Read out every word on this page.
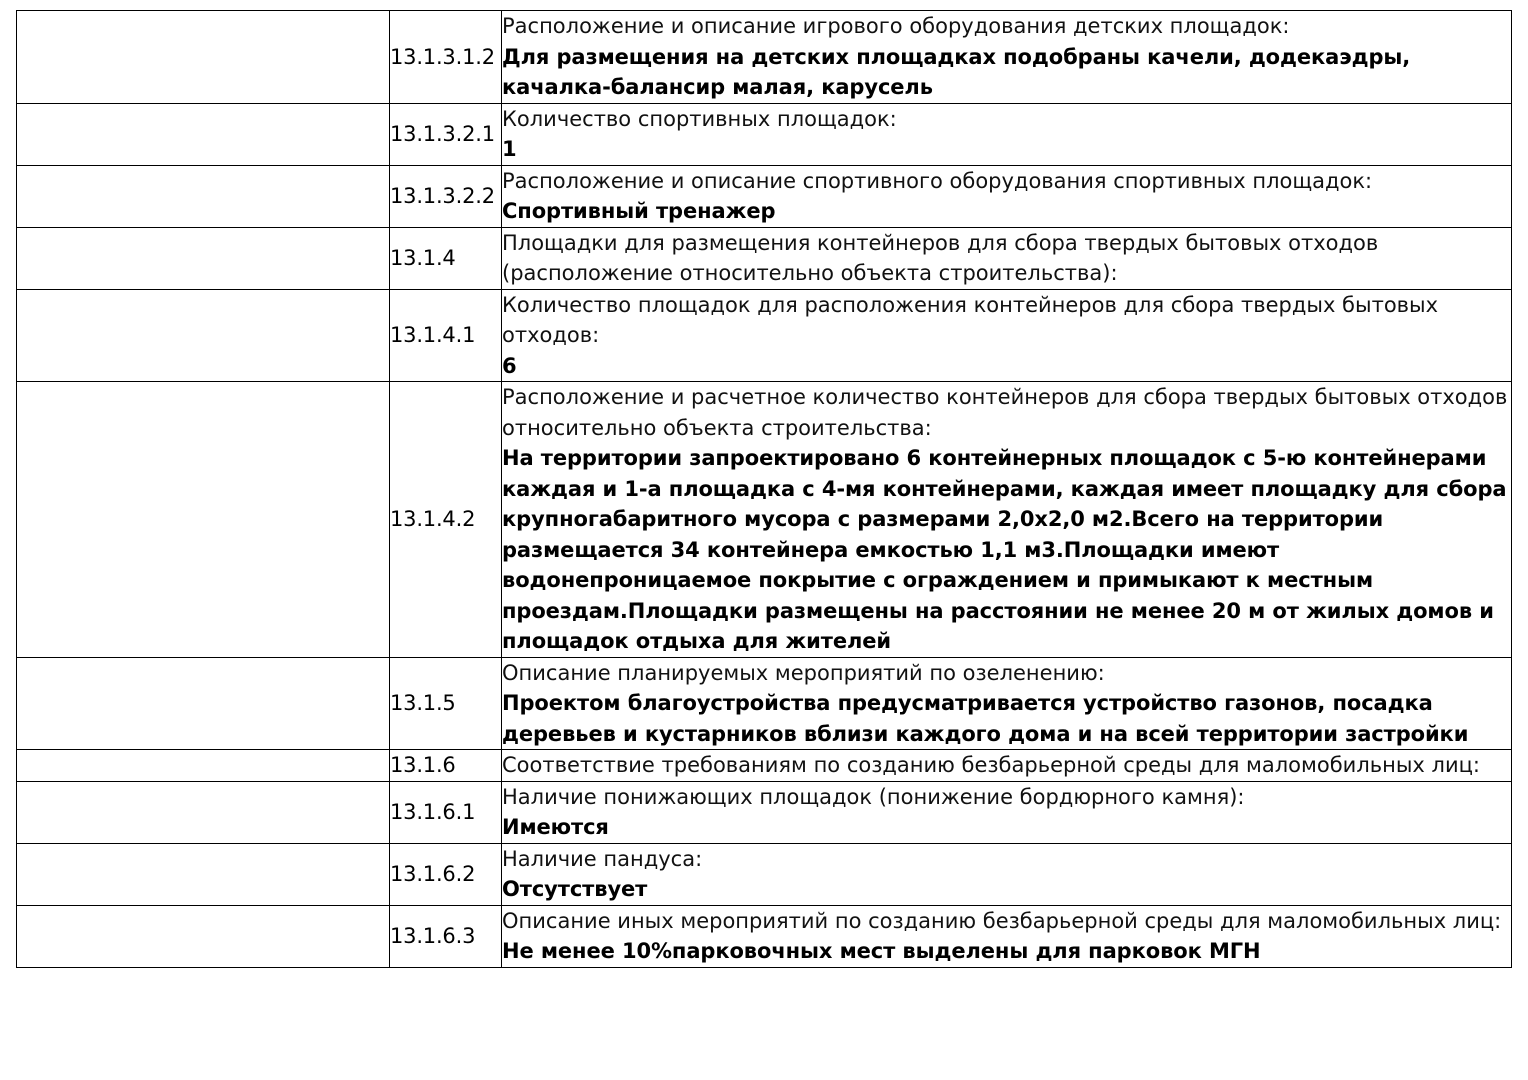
	13.1.3.1.2	Расположение и описание игрового оборудования детских площадок:
Для размещения на детских площадках подобраны качели, додекаэдры, качалка-балансир малая, карусель

	13.1.3.2.1	Количество спортивных площадок:
1

	13.1.3.2.2	Расположение и описание спортивного оборудования спортивных площадок:
Спортивный тренажер

	13.1.4	Площадки для размещения контейнеров для сбора твердых бытовых отходов (расположение относительно объекта строительства):

	13.1.4.1	Количество площадок для расположения контейнеров для сбора твердых бытовых отходов:
6

	13.1.4.2	Расположение и расчетное количество контейнеров для сбора твердых бытовых отходов относительно объекта строительства:
На территории запроектировано 6 контейнерных площадок с 5-ю контейнерами каждая и 1-а площадка с 4-мя контейнерами, каждая имеет площадку для сбора крупногабаритного мусора с размерами 2,0х2,0 м2.Всего на территории размещается 34 контейнера емкостью 1,1 м3.Площадки имеют водонепроницаемое покрытие с ограждением и примыкают к местным проездам.Площадки размещены на расстоянии не менее 20 м от жилых домов и площадок отдыха для жителей

	13.1.5	Описание планируемых мероприятий по озеленению:
Проектом благоустройства предусматривается устройство газонов, посадка деревьев и кустарников вблизи каждого дома и на всей территории застройки

	13.1.6	Соответствие требованиям по созданию безбарьерной среды для маломобильных лиц:

	13.1.6.1	Наличие понижающих площадок (понижение бордюрного камня):
Имеются

	13.1.6.2	Наличие пандуса:
Отсутствует

	13.1.6.3	Описание иных мероприятий по созданию безбарьерной среды для маломобильных лиц:
Не менее 10%парковочных мест выделены для парковок МГН
